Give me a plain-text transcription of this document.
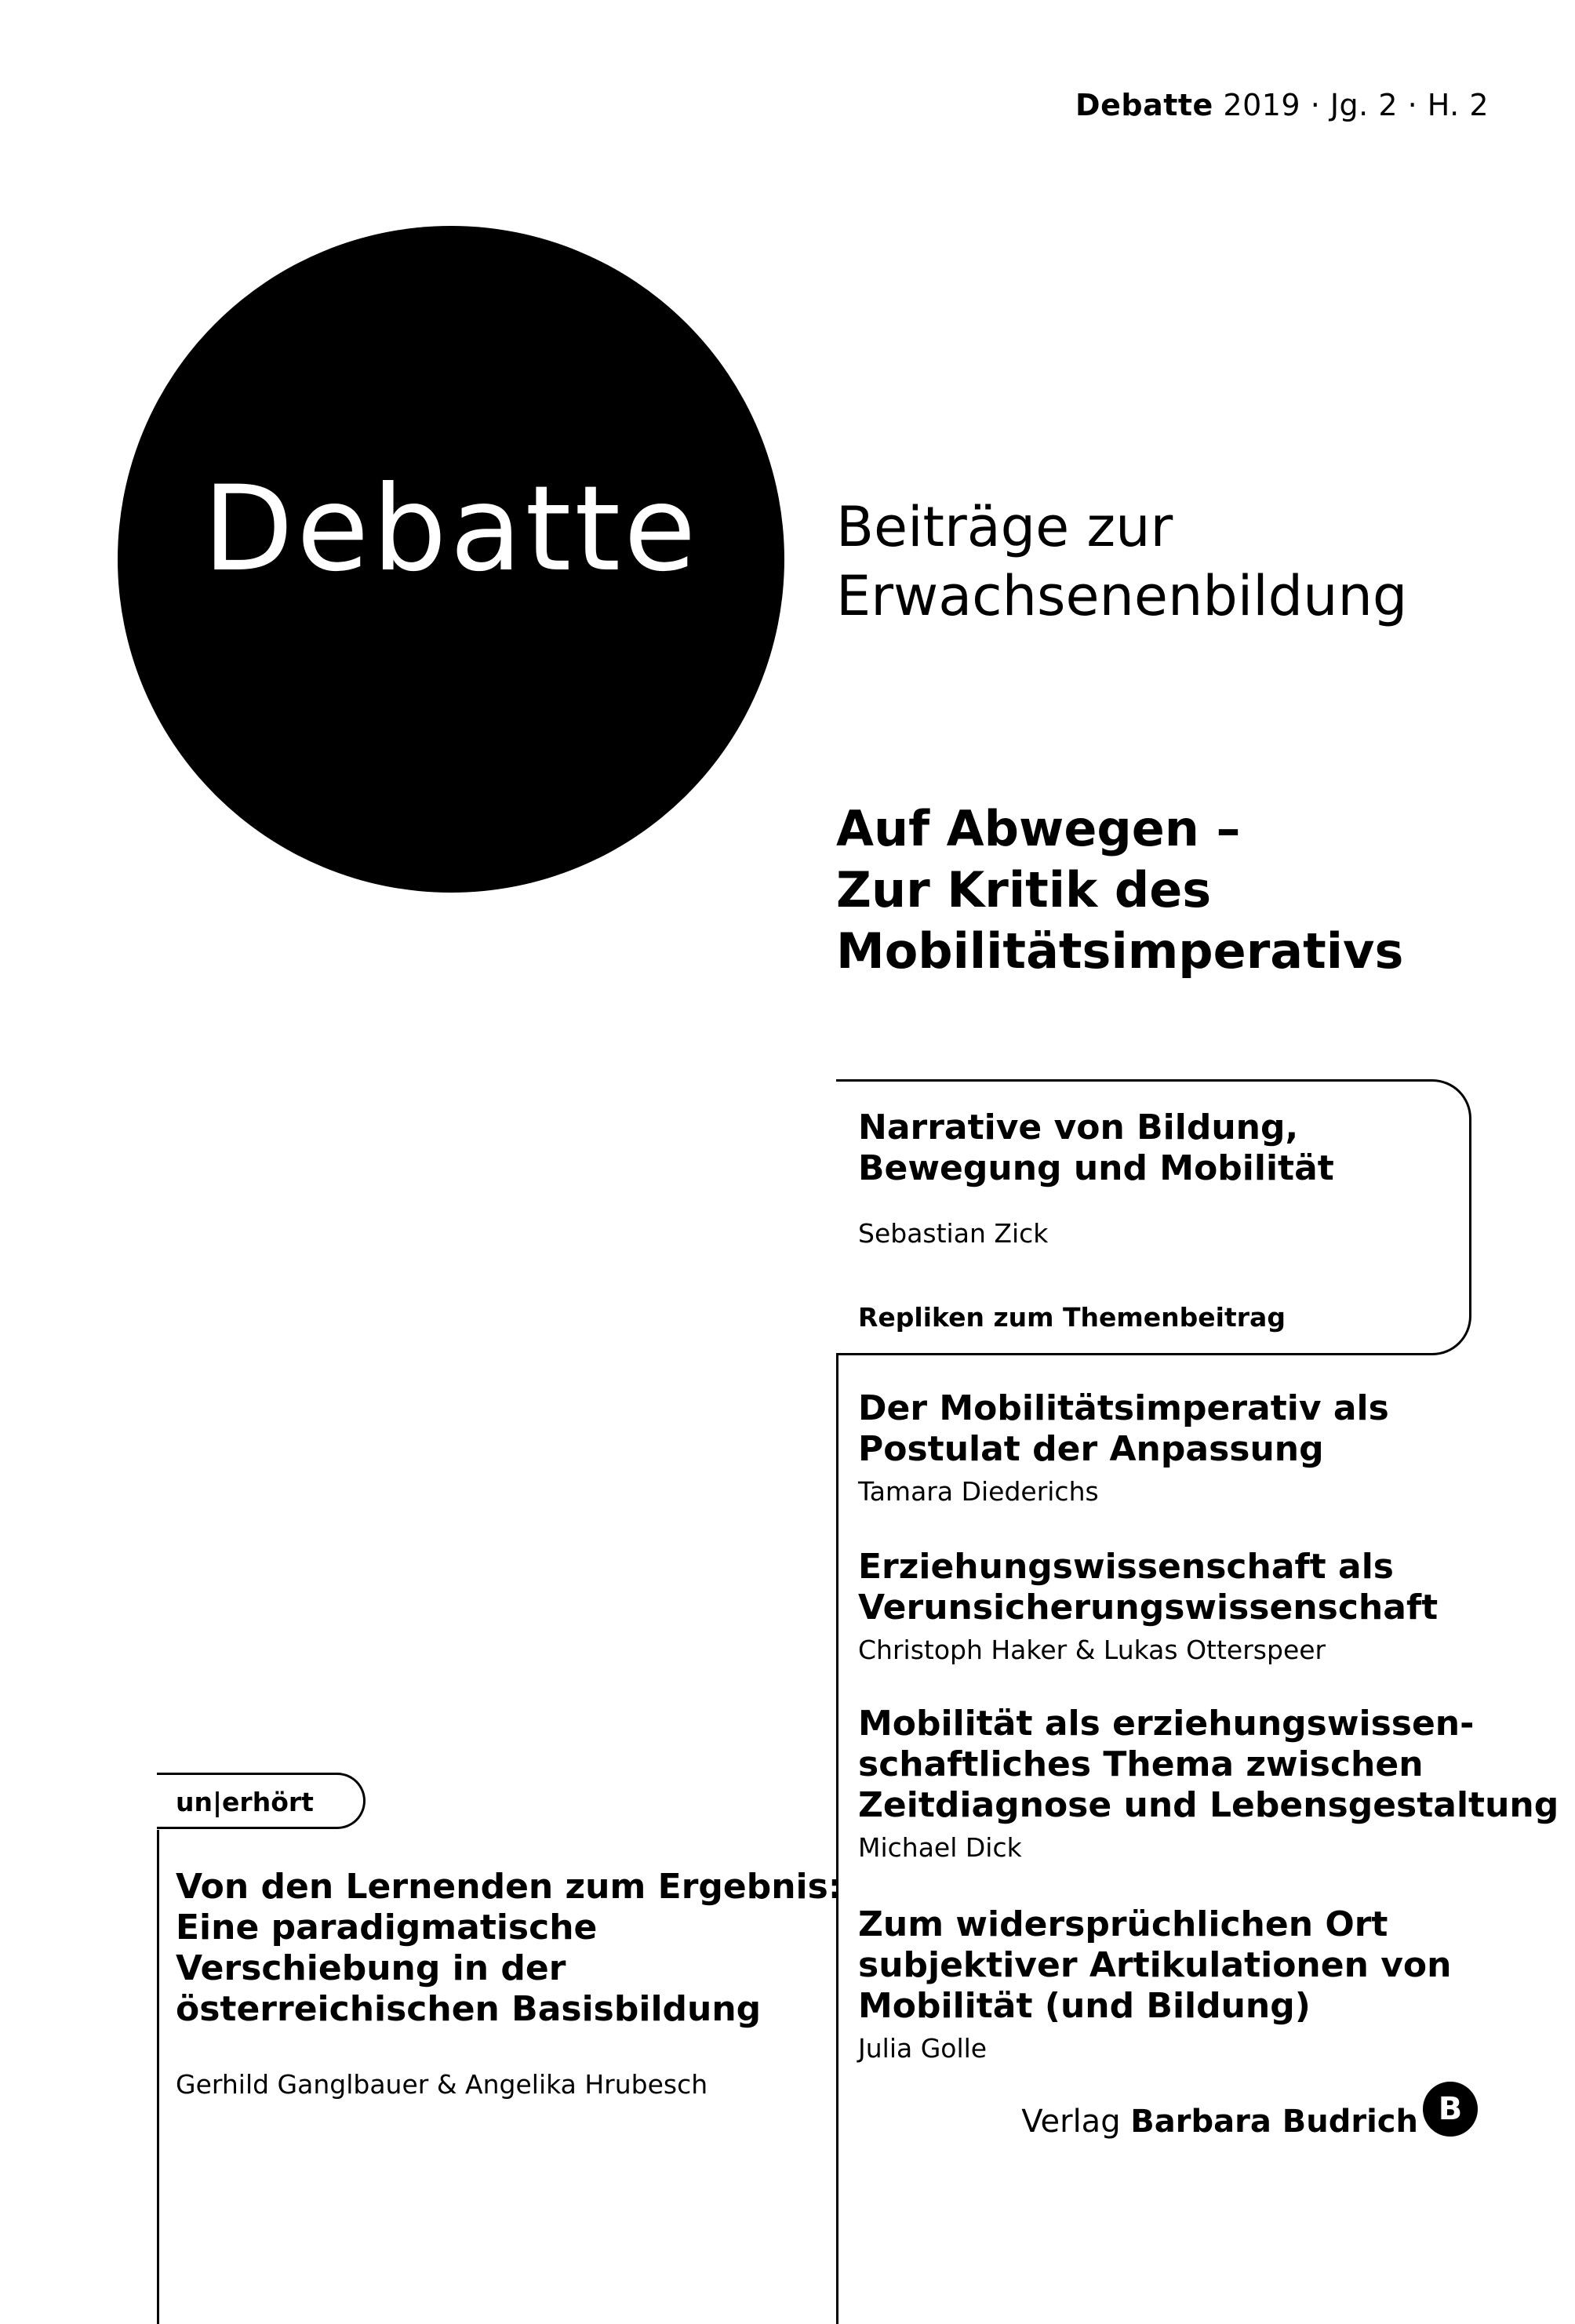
Debatte 2019 · Jg. 2 · H. 2
Debatte	Beiträge zur
Erwachsenenbildung
Auf Abwegen –
Zur Kritik des
Mobilitätsimperativs
Narrative von Bildung,
Bewegung und Mobilität
Sebastian Zick
Repliken zum Themenbeitrag
Der Mobilitätsimperativ als
Postulat der Anpassung
Tamara Diederichs
Erziehungswissenschaft als
Verunsicherungswissenschaft
Christoph Haker & Lukas Otterspeer
Mobilität als erziehungswissen-
schaftliches Thema zwischen
Zeitdiagnose und Lebensgestaltung
Michael Dick
Zum widersprüchlichen Ort
subjektiver Artikulationen von
Mobilität (und Bildung)
Julia Golle
un|erhört
Von den Lernenden zum Ergebnis:
Eine paradigmatische
Verschiebung in der
österreichischen Basisbildung
Gerhild Ganglbauer & Angelika Hrubesch
Verlag Barbara Budrich B
